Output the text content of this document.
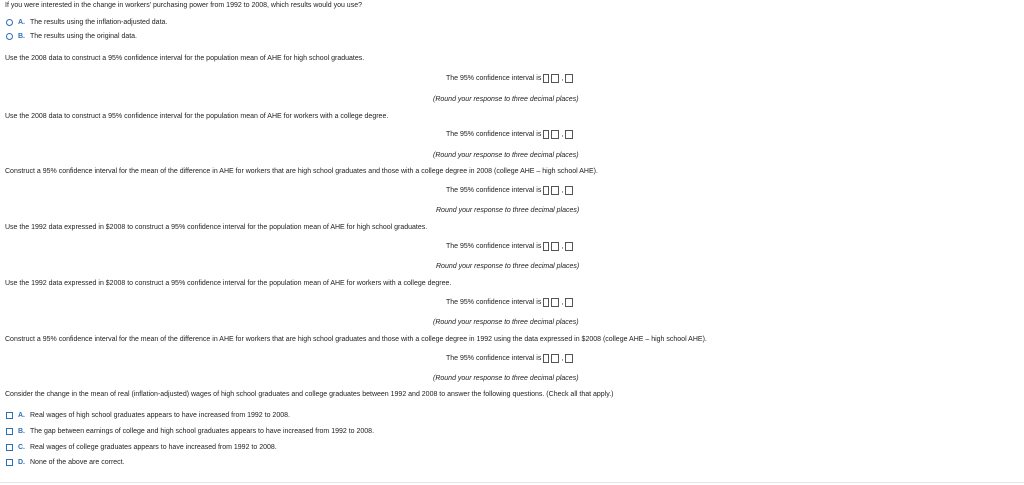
If you were interested in the change in workers' purchasing power from 1992 to 2008, which results would you use?
A. The results using the inflation-adjusted data.
B. The results using the original data.
Use the 2008 data to construct a 95% confidence interval for the population mean of AHE for high school graduates.
The 95% confidence interval is	,
(Round your response to three decimal places)
Use the 2008 data to construct a 95% confidence interval for the population mean of AHE for workers with a college degree.
The 95% confidence interval is	,
(Round your response to three decimal places)
Construct a 95% confidence interval for the mean of the difference in AHE for workers that are high school graduates and those with a college degree in 2008 (college AHE – high school AHE).
The 95% confidence interval is	,
Round your response to three decimal places)
Use the 1992 data expressed in $2008 to construct a 95% confidence interval for the population mean of AHE for high school graduates.
The 95% confidence interval is	,
Round your response to three decimal places)
Use the 1992 data expressed in $2008 to construct a 95% confidence interval for the population mean of AHE for workers with a college degree.
The 95% confidence interval is	,
(Round your response to three decimal places)
Construct a 95% confidence interval for the mean of the difference in AHE for workers that are high school graduates and those with a college degree in 1992 using the data expressed in $2008 (college AHE – high school AHE).
The 95% confidence interval is	,
(Round your response to three decimal places)
Consider the change in the mean of real (inflation-adjusted) wages of high school graduates and college graduates between 1992 and 2008 to answer the following questions. (Check all that apply.)
A. Real wages of high school graduates appears to have increased from 1992 to 2008.
B. The gap between earnings of college and high school graduates appears to have increased from 1992 to 2008.
C. Real wages of college graduates appears to have increased from 1992 to 2008.
D. None of the above are correct.
